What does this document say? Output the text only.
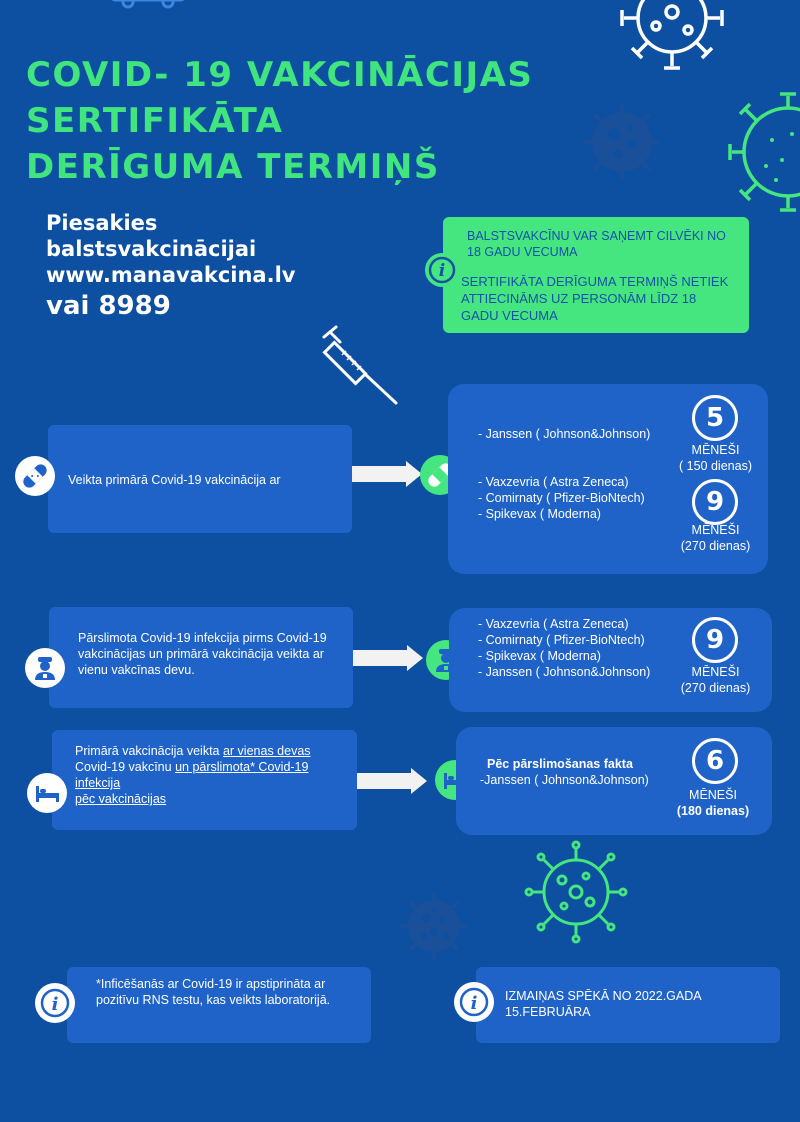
COVID- 19 VAKCINĀCIJAS
SERTIFIKĀTA
DERĪGUMA TERMIŅŠ
Piesakies
balstsvakcinācijai
www.manavakcina.lv
vai 8989
BALSTSVAKCĪNU VAR SAŅEMT CILVĒKI NO 18 GADU VECUMA
SERTIFIKĀTA DERĪGUMA TERMIŅŠ NETIEK ATTIECINĀMS UZ PERSONĀM LĪDZ 18 GADU VECUMA
i
Veikta primārā Covid-19 vakcinācija ar
- Janssen ( Johnson&Johnson)
- Vaxzevria ( Astra Zeneca)
- Comirnaty ( Pfizer-BioNtech)
- Spikevax ( Moderna)
5
MĒNEŠI
( 150 dienas)
9
MĒNEŠI
(270 dienas)
Pārslimota Covid-19 infekcija pirms Covid-19 vakcinācijas un primārā vakcinācija veikta ar vienu vakcīnas devu.
- Vaxzevria ( Astra Zeneca)
- Comirnaty ( Pfizer-BioNtech)
- Spikevax ( Moderna)
- Janssen ( Johnson&Johnson)
9
MĒNEŠI
(270 dienas)
Primārā vakcinācija veikta ar vienas devas
Covid-19 vakcīnu un pārslimota* Covid-19 infekcija
pēc vakcinācijas
Pēc pārslimošanas fakta
-Janssen ( Johnson&Johnson)
6
MĒNEŠI
(180 dienas)
*Inficēšanās ar Covid-19 ir apstiprināta ar pozitīvu RNS testu, kas veikts laboratorijā.
i	IZMAIŅAS SPĒKĀ NO 2022.GADA 15.FEBRUĀRA
i
